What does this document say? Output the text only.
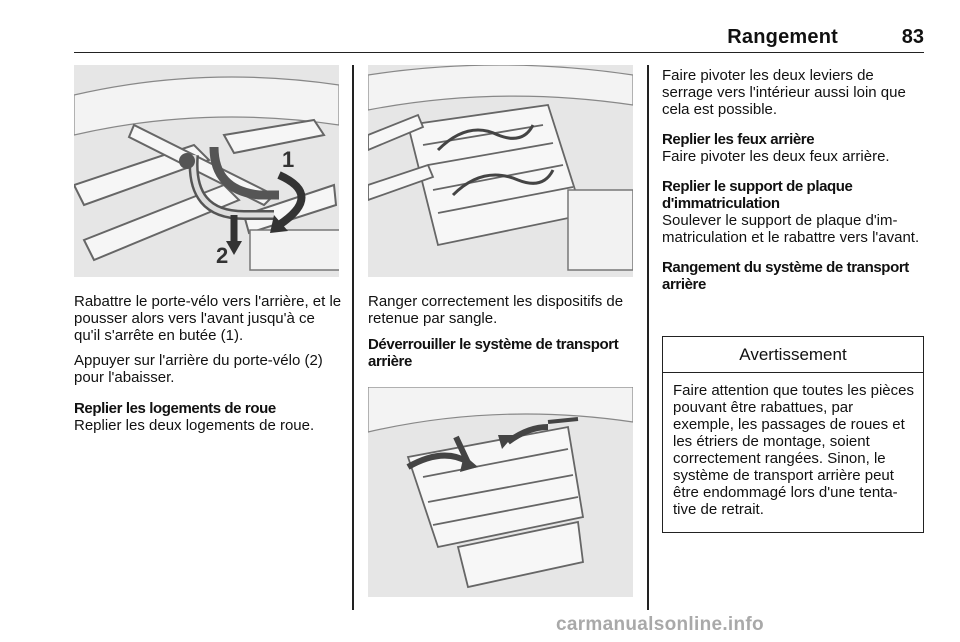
Rangement	83
1
2

Rabattre le porte-vélo vers l'arrière, et le pousser alors vers l'avant jusqu'à ce qu'il s'arrête en butée (1).

Appuyer sur l'arrière du porte-vélo (2) pour l'abaisser.

Replier les logements de roue

Replier les deux logements de roue.

Ranger correctement les dispositifs de retenue par sangle.

Déverrouiller le système de transport arrière

Faire pivoter les deux leviers de serrage vers l'intérieur aussi loin que cela est possible.

Replier les feux arrière

Faire pivoter les deux feux arrière.

Replier le support de plaque d'immatriculation

Soulever le support de plaque d'im-matriculation et le rabattre vers l'avant.

Rangement du système de transport arrière

Avertissement
Faire attention que toutes les pièces pouvant être rabattues, par exemple, les passages de roues et les étriers de montage, soient correctement rangées. Sinon, le système de transport arrière peut être endommagé lors d'une tenta-tive de retrait.
carmanualsonline.info
